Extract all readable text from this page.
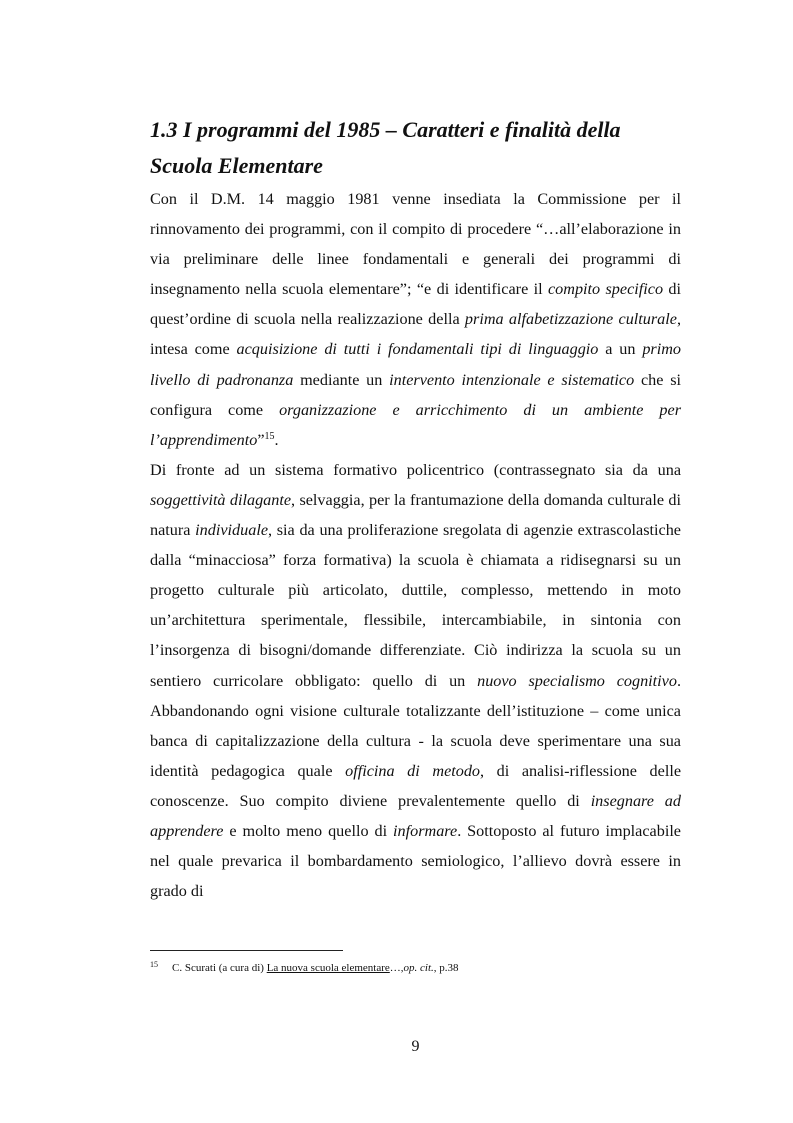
1.3 I programmi del 1985 – Caratteri e finalità della Scuola Elementare

Con il D.M. 14 maggio 1981 venne insediata la Commissione per il rinnovamento dei programmi, con il compito di procedere “…all’elaborazione in via preliminare delle linee fondamentali e generali dei programmi di insegnamento nella scuola elementare”; “e di identificare il compito specifico di quest’ordine di scuola nella realizzazione della prima alfabetizzazione culturale, intesa come acquisizione di tutti i fondamentali tipi di linguaggio a un primo livello di padronanza mediante un intervento intenzionale e sistematico che si configura come organizzazione e arricchimento di un ambiente per l’apprendimento”$^{15}$.

Di fronte ad un sistema formativo policentrico (contrassegnato sia da una soggettività dilagante, selvaggia, per la frantumazione della domanda culturale di natura individuale, sia da una proliferazione sregolata di agenzie extrascolastiche dalla “minacciosa” forza formativa) la scuola è chiamata a ridisegnarsi su un progetto culturale più articolato, duttile, complesso, mettendo in moto un’architettura sperimentale, flessibile, intercambiabile, in sintonia con l’insorgenza di bisogni/domande differenziate. Ciò indirizza la scuola su un sentiero curricolare obbligato: quello di un nuovo specialismo cognitivo. Abbandonando ogni visione culturale totalizzante dell’istituzione – come unica banca di capitalizzazione della cultura - la scuola deve sperimentare una sua identità pedagogica quale officina di metodo, di analisi-riflessione delle conoscenze. Suo compito diviene prevalentemente quello di insegnare ad apprendere e molto meno quello di informare. Sottoposto al futuro implacabile nel quale prevarica il bombardamento semiologico, l’allievo dovrà essere in grado di

$^{15}$ C. Scurati (a cura di) La nuova scuola elementare…,op. cit., p.38
9
